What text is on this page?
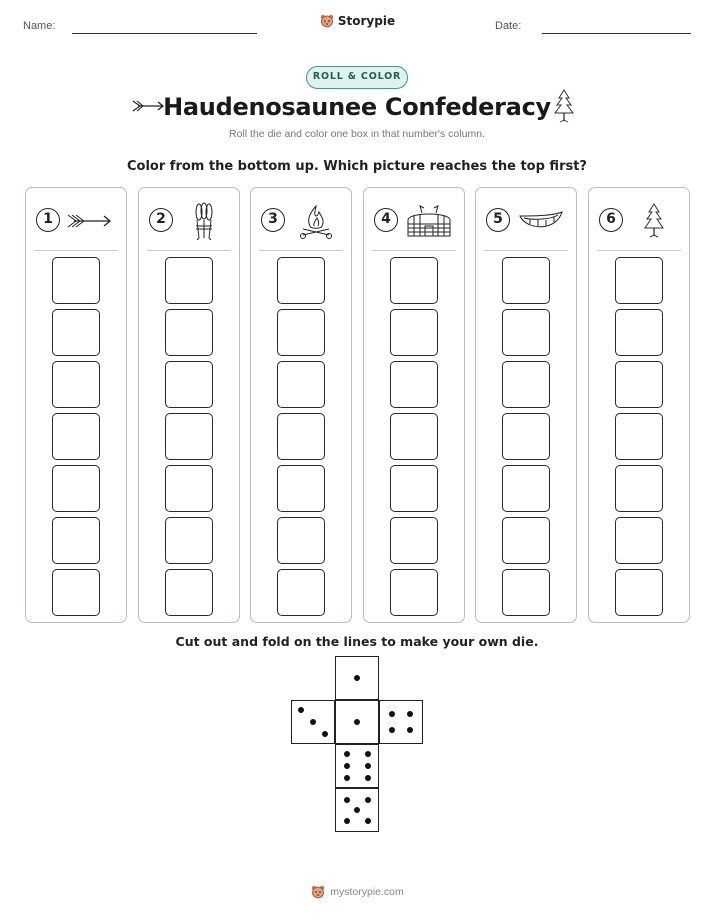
Name:	Storypie	Date:
ROLL & COLOR
Haudenosaunee Confederacy
Roll the die and color one box in that number's column.
Color from the bottom up. Which picture reaches the top first?
1	2	3	4	5	6
Cut out and fold on the lines to make your own die.
mystorypie.com
